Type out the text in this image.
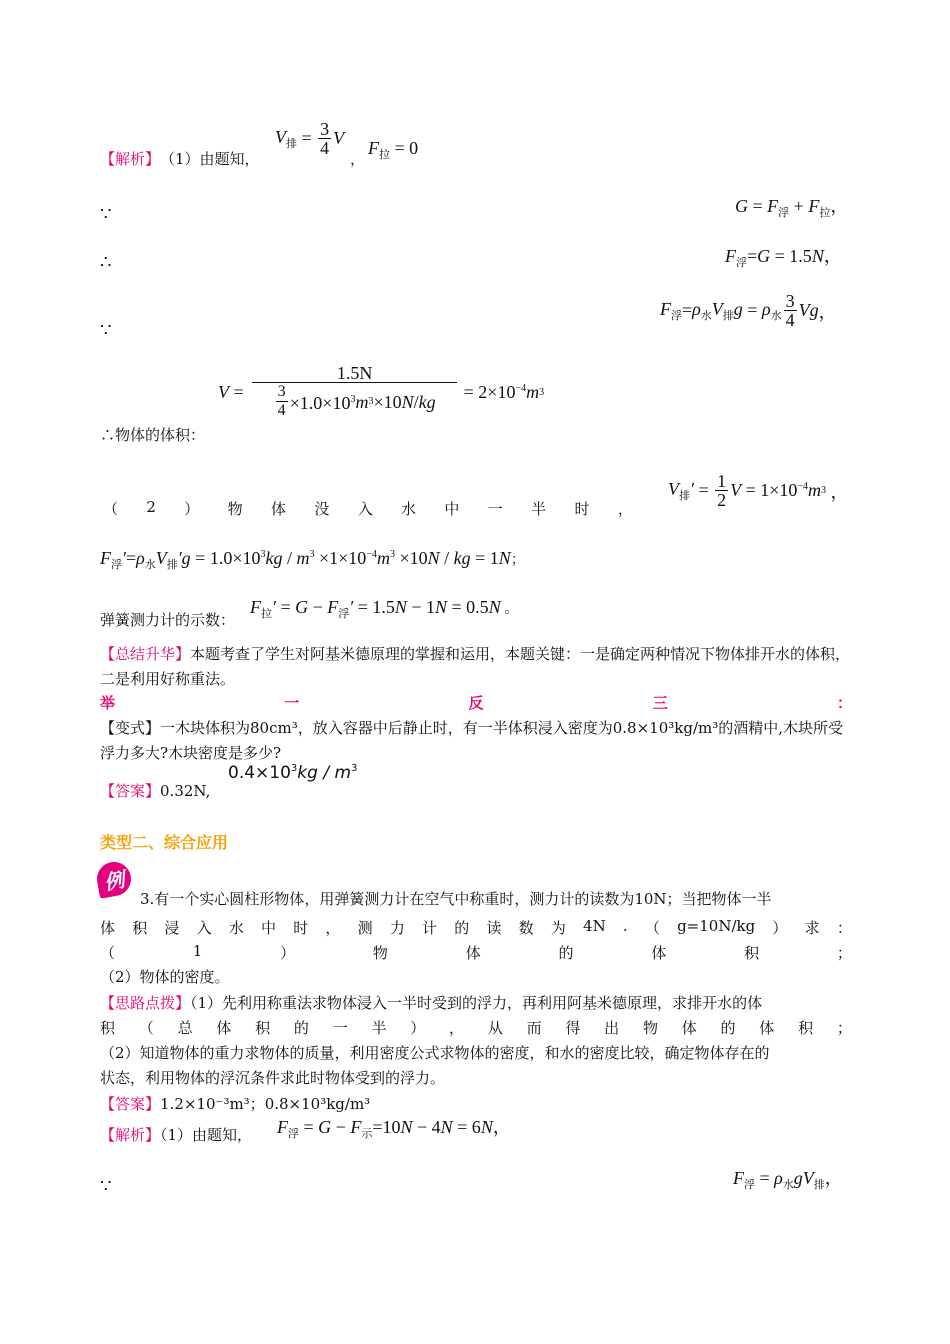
【解析】 （1）由题知，
$V_排 = \frac{3}{4}$ V
，
$F_拉 = 0$
∵	$G = F_浮 + F_拉$，
∴	$F_浮=G = 1.5N$，
∵
$F_浮 = \rho_水V_排g = \rho_水 \frac{3}{4}$ Vg ，
$V = \frac{1.5N}{\frac{3}{4} \times 1.0\times 10^3 m 3 \times 10 N / kg} = 2\times 10^{-4}$ m 3
∴物体的体积：
（ 2 ） 物 体 没 入 水 中 一 半 时 ，
$V_排' = \frac{1}{2}$ $V = 1\times 10^{-4}$ m 3 ，
$F_浮'=\rho_水V_排'g = 1.0\times 10^3kg / m^3 \times 1\times 10^{-4}m^3 \times 10N$ / kg = 1N；
弹簧测力计的示数：
$F_拉' = G - F_浮' = 1.5N - 1N = 0.5N$ 。
【总结升华】本题考查了学生对阿基米德原理的掌握和运用，本题关键：一是确定两种情况下物体排开水的体积，二是利用好称重法。
举	一	反	三	：
【变式】一木块体积为80cm³，放入容器中后静止时，有一半体积浸入密度为0.8×10³kg/m³的酒精中,木块所受浮力多大?木块密度是多少?
【答案】0.32N,
$0.4\times 10^3kg / m^3$
类型二、综合应用
例
3.有一个实心圆柱形物体，用弹簧测力计在空气中称重时，测力计的读数为10N；当把物体一半
体 积 浸 入 水 中 时 ， 测 力 计 的 读 数 为 4N . （ g=10N/kg ） 求 ：
（	1	）	物	体	的	体	积	；
（2）物体的密度。
【思路点拨】（1）先利用称重法求物体浸入一半时受到的浮力，再利用阿基米德原理，求排开水的体
积 （ 总 体 积 的 一 半 ） ， 从 而 得 出 物 体 的 体 积 ；
（2）知道物体的重力求物体的质量，利用密度公式求物体的密度，和水的密度比较，确定物体存在的
状态，利用物体的浮沉条件求此时物体受到的浮力。
【答案】1.2×10⁻³m³；0.8×10³kg/m³
【解析】（1）由题知， $F_浮 = G - F_示=10N - 4N = 6N$，
∵	$F_浮 = \rho_水gV_排$，
